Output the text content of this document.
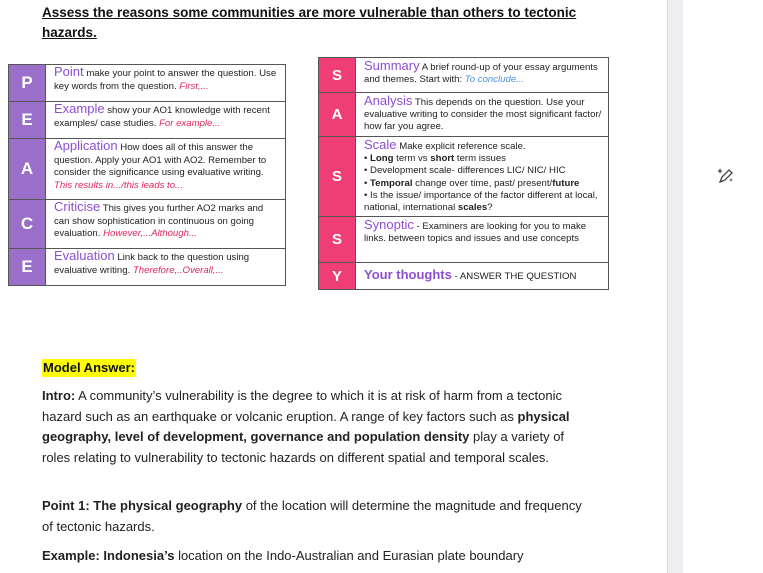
Assess the reasons some communities are more vulnerable than others to tectonic hazards.
P	Point make your point to answer the question. Use key words from the question. First,...
E	Example show your AO1 knowledge with recent examples/ case studies. For example...
A	Application How does all of this answer the question. Apply your AO1 with AO2. Remember to consider the significance using evaluative writing. This results in.../this leads to...
C	Criticise This gives you further AO2 marks and can show sophistication in continuous on going evaluation. However,...Although...
E	Evaluation Link back to the question using evaluative writing. Therefore,..Overall,...
S	Summary A brief round-up of your essay arguments and themes. Start with: To conclude...
A	Analysis This depends on the question. Use your evaluative writing to consider the most significant factor/ how far you agree.
S	Scale Make explicit reference scale.
• Long term vs short term issues
• Development scale- differences LIC/ NIC/ HIC
• Temporal change over time, past/ present/future
• Is the issue/ importance of the factor different at local, national, international scales?

S	Synoptic - Examiners are looking for you to make links. between topics and issues and use concepts
Y	Your thoughts - ANSWER THE QUESTION
Model Answer:
Intro: A community’s vulnerability is the degree to which it is at risk of harm from a tectonic hazard such as an earthquake or volcanic eruption. A range of key factors such as physical geography, level of development, governance and population density play a variety of roles relating to vulnerability to tectonic hazards on different spatial and temporal scales.
Point 1: The physical geography of the location will determine the magnitude and frequency of tectonic hazards.
Example: Indonesia’s location on the Indo-Australian and Eurasian plate boundary
